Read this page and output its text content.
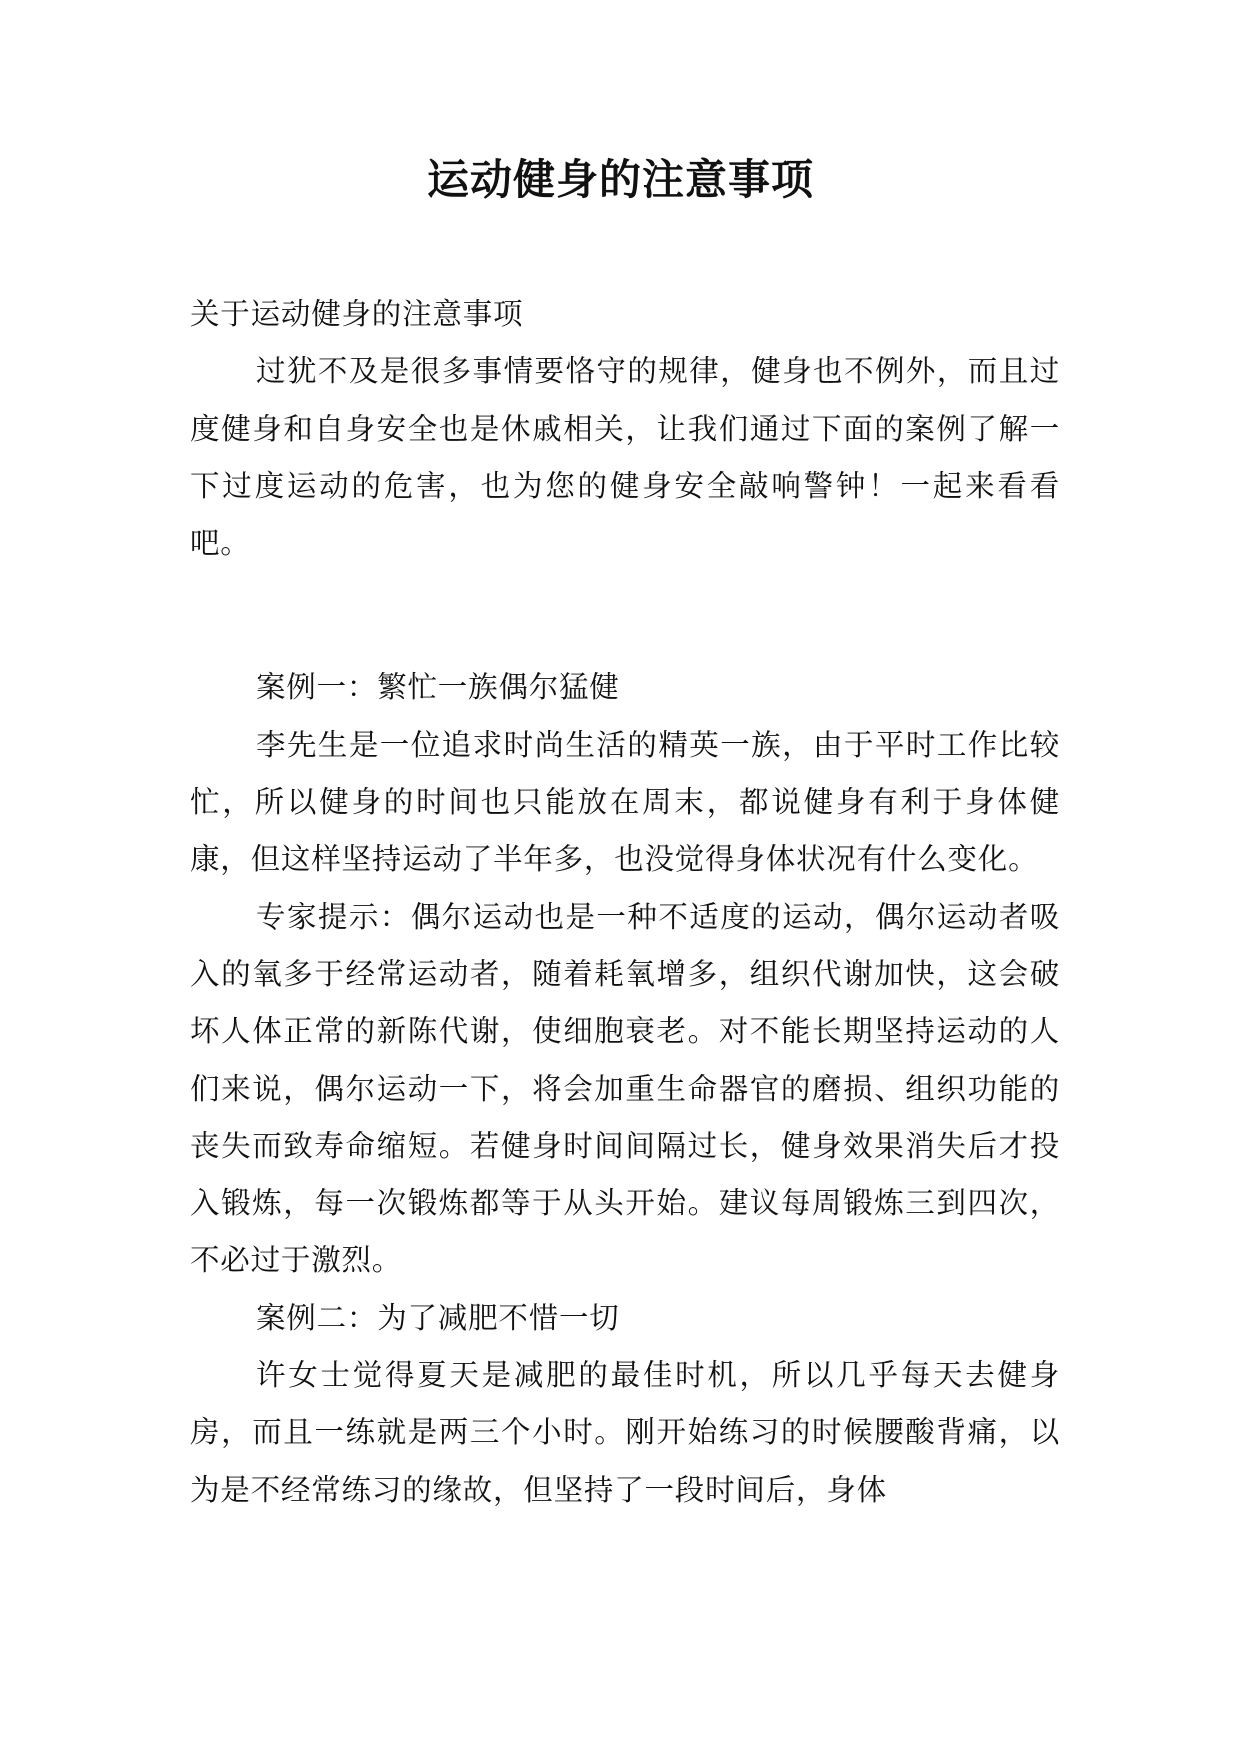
运动健身的注意事项

关于运动健身的注意事项

过犹不及是很多事情要恪守的规律，健身也不例外，而且过度健身和自身安全也是休戚相关，让我们通过下面的案例了解一下过度运动的危害，也为您的健身安全敲响警钟！一起来看看吧。

案例一：繁忙一族偶尔猛健

李先生是一位追求时尚生活的精英一族，由于平时工作比较忙，所以健身的时间也只能放在周末，都说健身有利于身体健康，但这样坚持运动了半年多，也没觉得身体状况有什么变化。

专家提示：偶尔运动也是一种不适度的运动，偶尔运动者吸入的氧多于经常运动者，随着耗氧增多，组织代谢加快，这会破坏人体正常的新陈代谢，使细胞衰老。对不能长期坚持运动的人们来说，偶尔运动一下，将会加重生命器官的磨损、组织功能的丧失而致寿命缩短。若健身时间间隔过长，健身效果消失后才投入锻炼，每一次锻炼都等于从头开始。建议每周锻炼三到四次，不必过于激烈。

案例二：为了减肥不惜一切

许女士觉得夏天是减肥的最佳时机，所以几乎每天去健身房，而且一练就是两三个小时。刚开始练习的时候腰酸背痛，以为是不经常练习的缘故，但坚持了一段时间后，身体
